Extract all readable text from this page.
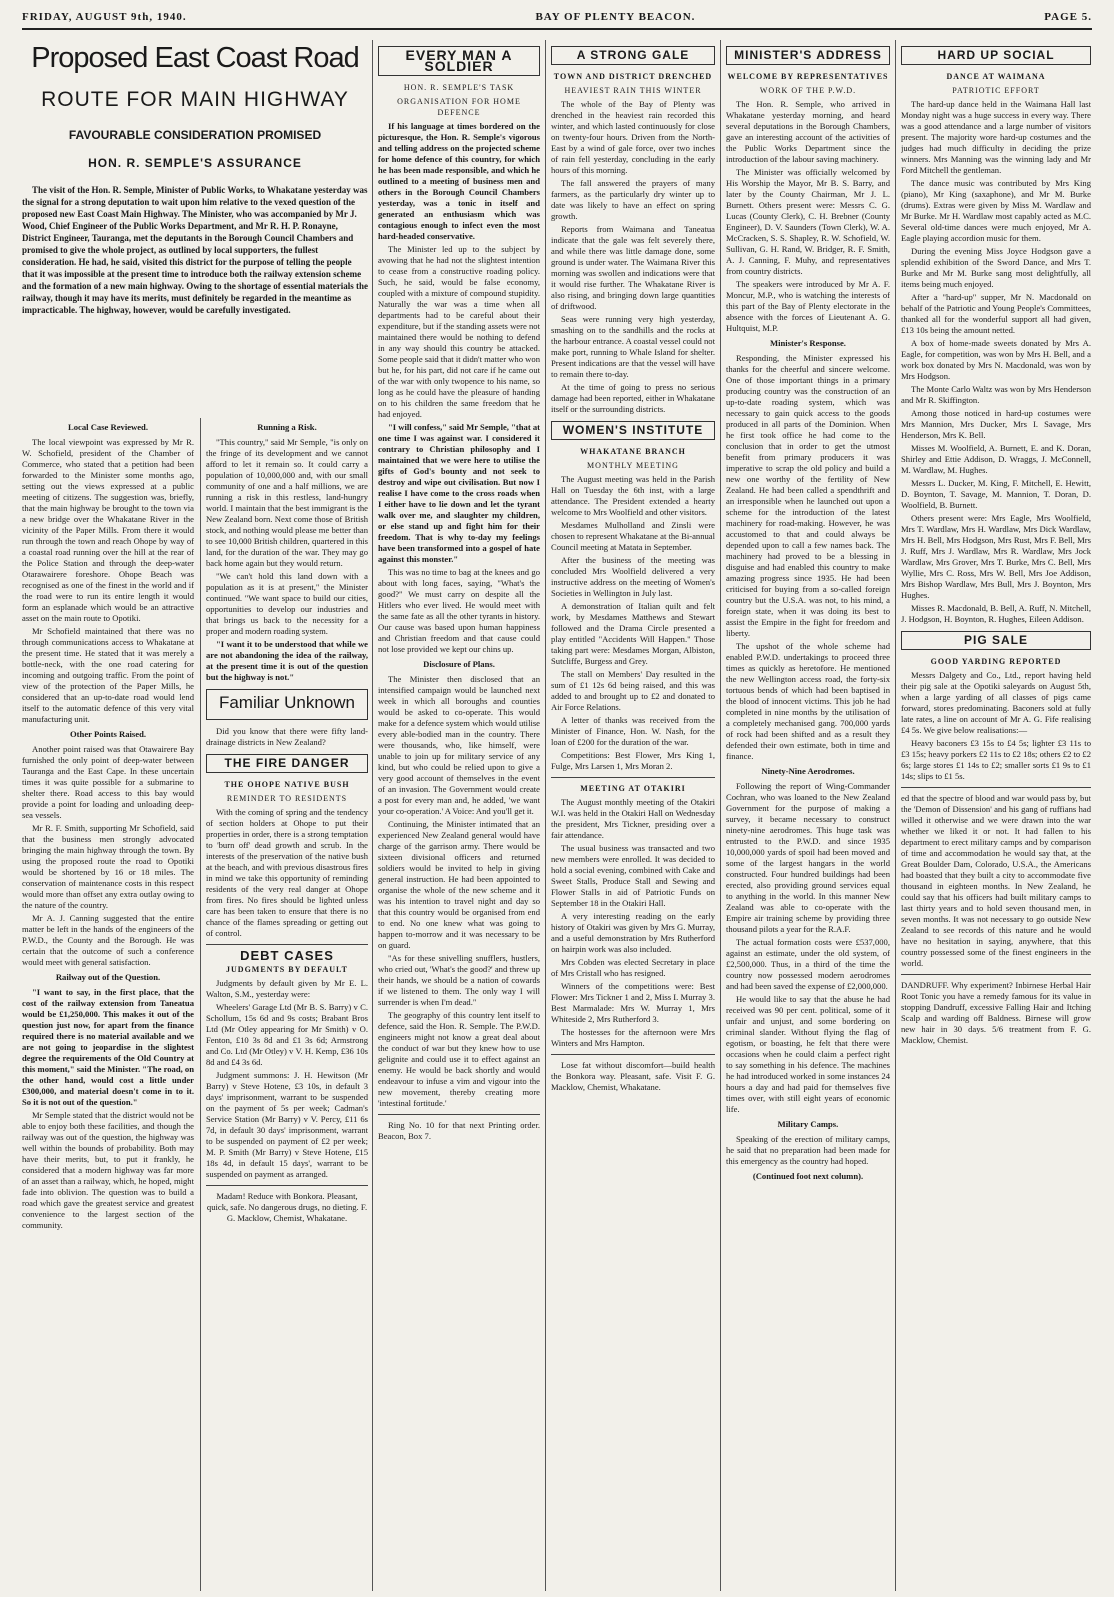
FRIDAY, AUGUST 9th, 1940.	BAY OF PLENTY BEACON.	PAGE 5.
Proposed East Coast Road
ROUTE FOR MAIN HIGHWAY
FAVOURABLE CONSIDERATION PROMISED
HON. R. SEMPLE'S ASSURANCE

The visit of the Hon. R. Semple, Minister of Public Works, to Whakatane yesterday was the signal for a strong deputation to wait upon him relative to the vexed question of the proposed new East Coast Main Highway. The Minister, who was accompanied by Mr J. Wood, Chief Engineer of the Public Works Department, and Mr R. H. P. Ronayne, District Engineer, Tauranga, met the deputants in the Borough Council Chambers and promised to give the whole project, as outlined by local supporters, the fullest consideration. He had, he said, visited this district for the purpose of telling the people that it was impossible at the present time to introduce both the railway extension scheme and the formation of a new main highway. Owing to the shortage of essential materials the railway, though it may have its merits, must definitely be regarded in the meantime as impracticable. The highway, however, would be carefully investigated.

Local Case Reviewed.

The local viewpoint was expressed by Mr R. W. Schofield, president of the Chamber of Commerce, who stated that a petition had been forwarded to the Minister some months ago, setting out the views expressed at a public meeting of citizens. The suggestion was, briefly, that the main highway be brought to the town via a new bridge over the Whakatane River in the vicinity of the Paper Mills. From there it would run through the town and reach Ohope by way of a coastal road running over the hill at the rear of the Police Station and through the deep-water Otarawairere foreshore. Ohope Beach was recognised as one of the finest in the world and if the road were to run its entire length it would form an esplanade which would be an attractive asset on the main route to Opotiki.

Mr Schofield maintained that there was no through communications access to Whakatane at the present time. He stated that it was merely a bottle-neck, with the one road catering for incoming and outgoing traffic. From the point of view of the protection of the Paper Mills, he considered that an up-to-date road would lend itself to the automatic defence of this very vital manufacturing unit.

Other Points Raised.

Another point raised was that Otawairere Bay furnished the only point of deep-water between Tauranga and the East Cape. In these uncertain times it was quite possible for a submarine to shelter there. Road access to this bay would provide a point for loading and unloading deep-sea vessels.

Mr R. F. Smith, supporting Mr Schofield, said that the business men strongly advocated bringing the main highway through the town. By using the proposed route the road to Opotiki would be shortened by 16 or 18 miles. The conservation of maintenance costs in this respect would more than offset any extra outlay owing to the nature of the country.

Mr A. J. Canning suggested that the entire matter be left in the hands of the engineers of the P.W.D., the County and the Borough. He was certain that the outcome of such a conference would meet with general satisfaction.

Railway out of the Question.

"I want to say, in the first place, that the cost of the railway extension from Taneatua would be £1,250,000. This makes it out of the question just now, for apart from the finance required there is no material available and we are not going to jeopardise in the slightest degree the requirements of the Old Country at this moment," said the Minister. "The road, on the other hand, would cost a little under £300,000, and material doesn't come in to it. So it is not out of the question."

Mr Semple stated that the district would not be able to enjoy both these facilities, and though the railway was out of the question, the highway was well within the bounds of probability. Both may have their merits, but, to put it frankly, he considered that a modern highway was far more of an asset than a railway, which, he hoped, might fade into oblivion. The question was to build a road which gave the greatest service and greatest convenience to the largest section of the community.

Running a Risk.

"This country," said Mr Semple, "is only on the fringe of its development and we cannot afford to let it remain so. It could carry a population of 10,000,000 and, with our small community of one and a half millions, we are running a risk in this restless, land-hungry world. I maintain that the best immigrant is the New Zealand born. Next come those of British stock, and nothing would please me better than to see 10,000 British children, quartered in this land, for the duration of the war. They may go back home again but they would return.

"We can't hold this land down with a population as it is at present," the Minister continued. "We want space to build our cities, opportunities to develop our industries and that brings us back to the necessity for a proper and modern roading system.

"I want it to be understood that while we are not abandoning the idea of the railway, at the present time it is out of the question but the highway is not."

Familiar Unknown

Did you know that there were fifty land-drainage districts in New Zealand?

THE FIRE DANGER
THE OHOPE NATIVE BUSH
REMINDER TO RESIDENTS

With the coming of spring and the tendency of section holders at Ohope to put their properties in order, there is a strong temptation to 'burn off' dead growth and scrub. In the interests of the preservation of the native bush at the beach, and with previous disastrous fires in mind we take this opportunity of reminding residents of the very real danger at Ohope from fires. No fires should be lighted unless care has been taken to ensure that there is no chance of the flames spreading or getting out of control.

DEBT CASES
JUDGMENTS BY DEFAULT

Judgments by default given by Mr E. L. Walton, S.M., yesterday were:

Wheelers' Garage Ltd (Mr B. S. Barry) v C. Schollum, 15s 6d and 9s costs; Brabant Bros Ltd (Mr Otley appearing for Mr Smith) v O. Fenton, £10 3s 8d and £1 3s 6d; Armstrong and Co. Ltd (Mr Otley) v V. H. Kemp, £36 10s 8d and £4 3s 6d.

Judgment summons: J. H. Hewitson (Mr Barry) v Steve Hotene, £3 10s, in default 3 days' imprisonment, warrant to be suspended on the payment of 5s per week; Cadman's Service Station (Mr Barry) v V. Percy, £11 6s 7d, in default 30 days' imprisonment, warrant to be suspended on payment of £2 per week; M. P. Smith (Mr Barry) v Steve Hotene, £15 18s 4d, in default 15 days', warrant to be suspended on payment as arranged.

Madam! Reduce with Bonkora. Pleasant, quick, safe. No dangerous drugs, no dieting. F. G. Macklow, Chemist, Whakatane.

EVERY MAN A SOLDIER
HON. R. SEMPLE'S TASK
ORGANISATION FOR HOME DEFENCE

If his language at times bordered on the picturesque, the Hon. R. Semple's vigorous and telling address on the projected scheme for home defence of this country, for which he has been made responsible, and which he outlined to a meeting of business men and others in the Borough Council Chambers yesterday, was a tonic in itself and generated an enthusiasm which was contagious enough to infect even the most hard-headed conservative.

The Minister led up to the subject by avowing that he had not the slightest intention to cease from a constructive roading policy. Such, he said, would be false economy, coupled with a mixture of compound stupidity. Naturally the war was a time when all departments had to be careful about their expenditure, but if the standing assets were not maintained there would be nothing to defend in any way should this country be attacked. Some people said that it didn't matter who won but he, for his part, did not care if he came out of the war with only twopence to his name, so long as he could have the pleasure of handing on to his children the same freedom that he had enjoyed.

"I will confess," said Mr Semple, "that at one time I was against war. I considered it contrary to Christian philosophy and I maintained that we were here to utilise the gifts of God's bounty and not seek to destroy and wipe out civilisation. But now I realise I have come to the cross roads when I either have to lie down and let the tyrant walk over me, and slaughter my children, or else stand up and fight him for their freedom. That is why to-day my feelings have been transformed into a gospel of hate against this monster."

This was no time to bag at the knees and go about with long faces, saying, "What's the good?" We must carry on despite all the Hitlers who ever lived. He would meet with the same fate as all the other tyrants in history. Our cause was based upon human happiness and Christian freedom and that cause could not lose provided we kept our chins up.

Disclosure of Plans.

The Minister then disclosed that an intensified campaign would be launched next week in which all boroughs and counties would be asked to co-operate. This would make for a defence system which would utilise every able-bodied man in the country. There were thousands, who, like himself, were unable to join up for military service of any kind, but who could be relied upon to give a very good account of themselves in the event of an invasion. The Government would create a post for every man and, he added, 'we want your co-operation.' A Voice: And you'll get it.

Continuing, the Minister intimated that an experienced New Zealand general would have charge of the garrison army. There would be sixteen divisional officers and returned soldiers would be invited to help in giving general instruction. He had been appointed to organise the whole of the new scheme and it was his intention to travel night and day so that this country would be organised from end to end. No one knew what was going to happen to-morrow and it was necessary to be on guard.

"As for these snivelling snufflers, hustlers, who cried out, 'What's the good?' and threw up their hands, we should be a nation of cowards if we listened to them. The only way I will surrender is when I'm dead."

The geography of this country lent itself to defence, said the Hon. R. Semple. The P.W.D. engineers might not know a great deal about the conduct of war but they knew how to use gelignite and could use it to effect against an enemy. He would be back shortly and would endeavour to infuse a vim and vigour into the new movement, thereby creating more 'intestinal fortitude.'

Ring No. 10 for that next Printing order. Beacon, Box 7.

A STRONG GALE
TOWN AND DISTRICT DRENCHED
HEAVIEST RAIN THIS WINTER

The whole of the Bay of Plenty was drenched in the heaviest rain recorded this winter, and which lasted continuously for close on twenty-four hours. Driven from the North-East by a wind of gale force, over two inches of rain fell yesterday, concluding in the early hours of this morning.

The fall answered the prayers of many farmers, as the particularly dry winter up to date was likely to have an effect on spring growth.

Reports from Waimana and Taneatua indicate that the gale was felt severely there, and while there was little damage done, some ground is under water. The Waimana River this morning was swollen and indications were that it would rise further. The Whakatane River is also rising, and bringing down large quantities of driftwood.

Seas were running very high yesterday, smashing on to the sandhills and the rocks at the harbour entrance. A coastal vessel could not make port, running to Whale Island for shelter. Present indications are that the vessel will have to remain there to-day.

At the time of going to press no serious damage had been reported, either in Whakatane itself or the surrounding districts.

WOMEN'S INSTITUTE
WHAKATANE BRANCH
MONTHLY MEETING

The August meeting was held in the Parish Hall on Tuesday the 6th inst, with a large attendance. The President extended a hearty welcome to Mrs Woolfield and other visitors.

Mesdames Mulholland and Zinsli were chosen to represent Whakatane at the Bi-annual Council meeting at Matata in September.

After the business of the meeting was concluded Mrs Woolfield delivered a very instructive address on the meeting of Women's Societies in Wellington in July last.

A demonstration of Italian quilt and felt work, by Mesdames Matthews and Stewart followed and the Drama Circle presented a play entitled "Accidents Will Happen." Those taking part were: Mesdames Morgan, Albiston, Sutcliffe, Burgess and Grey.

The stall on Members' Day resulted in the sum of £1 12s 6d being raised, and this was added to and brought up to £2 and donated to Air Force Relations.

A letter of thanks was received from the Minister of Finance, Hon. W. Nash, for the loan of £200 for the duration of the war.

Competitions: Best Flower, Mrs King 1, Fulge, Mrs Larsen 1, Mrs Moran 2.

MEETING AT OTAKIRI

The August monthly meeting of the Otakiri W.I. was held in the Otakiri Hall on Wednesday the president, Mrs Tickner, presiding over a fair attendance.

The usual business was transacted and two new members were enrolled. It was decided to hold a social evening, combined with Cake and Sweet Stalls, Produce Stall and Sewing and Flower Stalls in aid of Patriotic Funds on September 18 in the Otakiri Hall.

A very interesting reading on the early history of Otakiri was given by Mrs G. Murray, and a useful demonstration by Mrs Rutherford on hairpin work was also included.

Mrs Cobden was elected Secretary in place of Mrs Cristall who has resigned.

Winners of the competitions were: Best Flower: Mrs Tickner 1 and 2, Miss I. Murray 3. Best Marmalade: Mrs W. Murray 1, Mrs Whiteside 2, Mrs Rutherford 3.

The hostesses for the afternoon were Mrs Winters and Mrs Hampton.

Lose fat without discomfort—build health the Bonkora way. Pleasant, safe. Visit F. G. Macklow, Chemist, Whakatane.

MINISTER'S ADDRESS
WELCOME BY REPRESENTATIVES
WORK OF THE P.W.D.

The Hon. R. Semple, who arrived in Whakatane yesterday morning, and heard several deputations in the Borough Chambers, gave an interesting account of the activities of the Public Works Department since the introduction of the labour saving machinery.

The Minister was officially welcomed by His Worship the Mayor, Mr B. S. Barry, and later by the County Chairman, Mr J. L. Burnett. Others present were: Messrs C. G. Lucas (County Clerk), C. H. Brebner (County Engineer), D. V. Saunders (Town Clerk), W. A. McCracken, S. S. Shapley, R. W. Schofield, W. Sullivan, G. H. Rand, W. Bridger, R. F. Smith, A. J. Canning, F. Muhy, and representatives from country districts.

The speakers were introduced by Mr A. F. Moncur, M.P., who is watching the interests of this part of the Bay of Plenty electorate in the absence with the forces of Lieutenant A. G. Hultquist, M.P.

Minister's Response.

Responding, the Minister expressed his thanks for the cheerful and sincere welcome. One of those important things in a primary producing country was the construction of an up-to-date roading system, which was necessary to gain quick access to the goods produced in all parts of the Dominion. When he first took office he had come to the conclusion that in order to get the utmost benefit from primary producers it was imperative to scrap the old policy and build a new one worthy of the fertility of New Zealand. He had been called a spendthrift and an irresponsible when he launched out upon a scheme for the introduction of the latest machinery for road-making. However, he was accustomed to that and could always be depended upon to call a few names back. The machinery had proved to be a blessing in disguise and had enabled this country to make amazing progress since 1935. He had been criticised for buying from a so-called foreign country but the U.S.A. was not, to his mind, a foreign state, when it was doing its best to assist the Empire in the fight for freedom and liberty.

The upshot of the whole scheme had enabled P.W.D. undertakings to proceed three times as quickly as heretofore. He mentioned the new Wellington access road, the forty-six tortuous bends of which had been baptised in the blood of innocent victims. This job he had completed in nine months by the utilisation of a completely mechanised gang. 700,000 yards of rock had been shifted and as a result they defended their own estimate, both in time and finance.

Ninety-Nine Aerodromes.

Following the report of Wing-Commander Cochran, who was loaned to the New Zealand Government for the purpose of making a survey, it became necessary to construct ninety-nine aerodromes. This huge task was entrusted to the P.W.D. and since 1935 10,000,000 yards of spoil had been moved and some of the largest hangars in the world constructed. Four hundred buildings had been erected, also providing ground services equal to anything in the world. In this manner New Zealand was able to co-operate with the Empire air training scheme by providing three thousand pilots a year for the R.A.F.

The actual formation costs were £537,000, against an estimate, under the old system, of £2,500,000. Thus, in a third of the time the country now possessed modern aerodromes and had been saved the expense of £2,000,000.

He would like to say that the abuse he had received was 90 per cent. political, some of it unfair and unjust, and some bordering on criminal slander. Without flying the flag of egotism, or boasting, he felt that there were occasions when he could claim a perfect right to say something in his defence. The machines he had introduced worked in some instances 24 hours a day and had paid for themselves five times over, with still eight years of economic life.

Military Camps.

Speaking of the erection of military camps, he said that no preparation had been made for this emergency as the country had hoped.

(Continued foot next column).
HARD UP SOCIAL
DANCE AT WAIMANA
PATRIOTIC EFFORT

The hard-up dance held in the Waimana Hall last Monday night was a huge success in every way. There was a good attendance and a large number of visitors present. The majority wore hard-up costumes and the judges had much difficulty in deciding the prize winners. Mrs Manning was the winning lady and Mr Ford Mitchell the gentleman.

The dance music was contributed by Mrs King (piano), Mr King (saxaphone), and Mr M. Burke (drums). Extras were given by Miss M. Wardlaw and Mr Burke. Mr H. Wardlaw most capably acted as M.C. Several old-time dances were much enjoyed, Mr A. Eagle playing accordion music for them.

During the evening Miss Joyce Hodgson gave a splendid exhibition of the Sword Dance, and Mrs T. Burke and Mr M. Burke sang most delightfully, all items being much enjoyed.

After a "hard-up" supper, Mr N. Macdonald on behalf of the Patriotic and Young People's Committees, thanked all for the wonderful support all had given, £13 10s being the amount netted.

A box of home-made sweets donated by Mrs A. Eagle, for competition, was won by Mrs H. Bell, and a work box donated by Mrs N. Macdonald, was won by Mrs Hodgson.

The Monte Carlo Waltz was won by Mrs Henderson and Mr R. Skiffington.

Among those noticed in hard-up costumes were Mrs Mannion, Mrs Ducker, Mrs I. Savage, Mrs Henderson, Mrs K. Bell.

Misses M. Woolfield, A. Burnett, E. and K. Doran, Shirley and Ettie Addison, D. Wraggs, J. McConnell, M. Wardlaw, M. Hughes.

Messrs L. Ducker, M. King, F. Mitchell, E. Hewitt, D. Boynton, T. Savage, M. Mannion, T. Doran, D. Woolfield, B. Burnett.

Others present were: Mrs Eagle, Mrs Woolfield, Mrs T. Wardlaw, Mrs H. Wardlaw, Mrs Dick Wardlaw, Mrs H. Bell, Mrs Hodgson, Mrs Rust, Mrs F. Bell, Mrs J. Ruff, Mrs J. Wardlaw, Mrs R. Wardlaw, Mrs Jock Wardlaw, Mrs Grover, Mrs T. Burke, Mrs C. Bell, Mrs Wyllie, Mrs C. Ross, Mrs W. Bell, Mrs Joe Addison, Mrs Bishop Wardlaw, Mrs Bull, Mrs J. Boynton, Mrs Hughes.

Misses R. Macdonald, B. Bell, A. Ruff, N. Mitchell, J. Hodgson, H. Boynton, R. Hughes, Eileen Addison.

PIG SALE
GOOD YARDING REPORTED

Messrs Dalgety and Co., Ltd., report having held their pig sale at the Opotiki saleyards on August 5th, when a large yarding of all classes of pigs came forward, stores predominating. Baconers sold at fully late rates, a line on account of Mr A. G. Fife realising £4 5s. We give below realisations:—

Heavy baconers £3 15s to £4 5s; lighter £3 11s to £3 15s; heavy porkers £2 11s to £2 18s; others £2 to £2 6s; large stores £1 14s to £2; smaller sorts £1 9s to £1 14s; slips to £1 5s.

ed that the spectre of blood and war would pass by, but the 'Demon of Dissension' and his gang of ruffians had willed it otherwise and we were drawn into the war whether we liked it or not. It had fallen to his department to erect military camps and by comparison of time and accommodation he would say that, at the Great Boulder Dam, Colorado, U.S.A., the Americans had boasted that they built a city to accommodate five thousand in eighteen months. In New Zealand, he could say that his officers had built military camps to last thirty years and to hold seven thousand men, in seven months. It was not necessary to go outside New Zealand to see records of this nature and he would have no hesitation in saying, anywhere, that this country possessed some of the finest engineers in the world.

DANDRUFF. Why experiment? Inbirnese Herbal Hair Root Tonic you have a remedy famous for its value in stopping Dandruff, excessive Falling Hair and Itching Scalp and warding off Baldness. Birnese will grow new hair in 30 days. 5/6 treatment from F. G. Macklow, Chemist.
